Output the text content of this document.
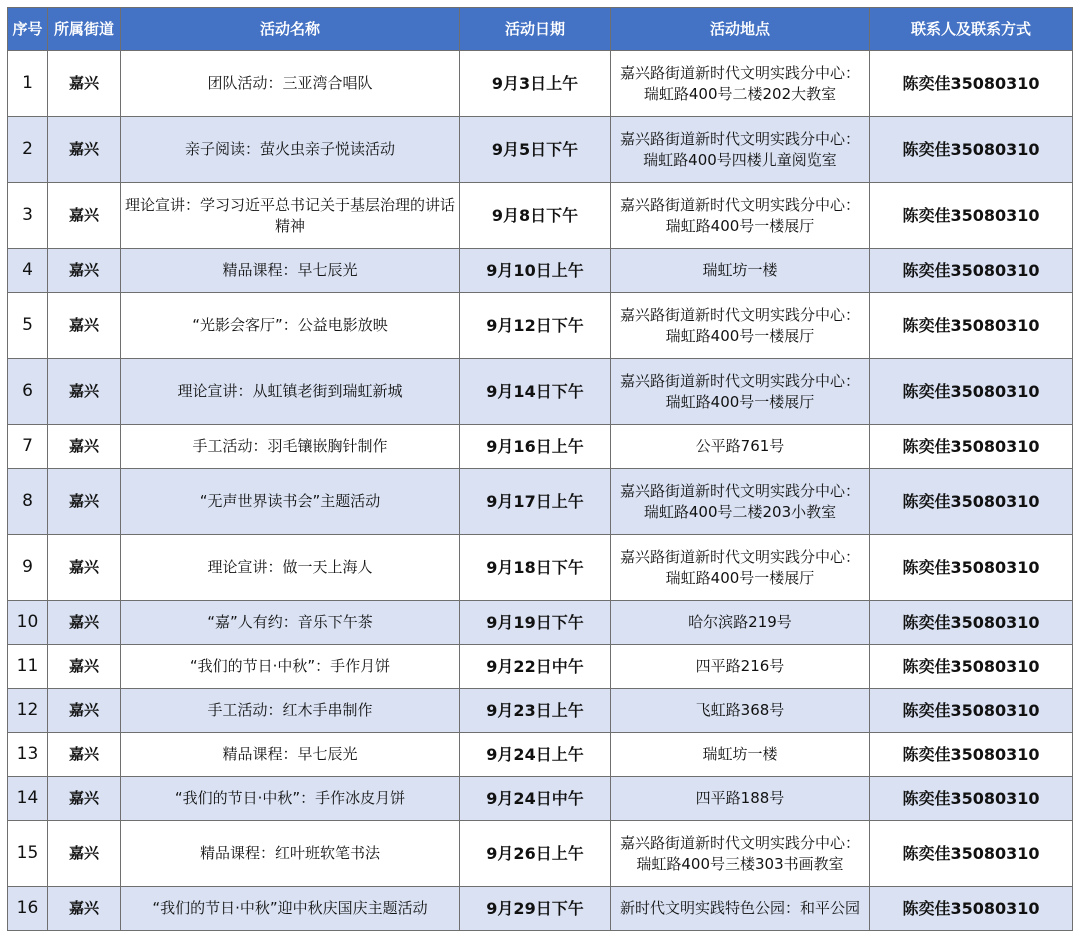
序号	所属街道	活动名称	活动日期	活动地点	联系人及联系方式
1	嘉兴	团队活动：三亚湾合唱队	9月3日上午	嘉兴路街道新时代文明实践分中心：
瑞虹路400号二楼202大教室	陈奕佳35080310
2	嘉兴	亲子阅读：萤火虫亲子悦读活动	9月5日下午	嘉兴路街道新时代文明实践分中心：
瑞虹路400号四楼儿童阅览室	陈奕佳35080310
3	嘉兴	理论宣讲：学习习近平总书记关于基层治理的讲话精神	9月8日下午	嘉兴路街道新时代文明实践分中心：
瑞虹路400号一楼展厅	陈奕佳35080310
4	嘉兴	精品课程：早七辰光	9月10日上午	瑞虹坊一楼	陈奕佳35080310
5	嘉兴	“光影会客厅”：公益电影放映	9月12日下午	嘉兴路街道新时代文明实践分中心：
瑞虹路400号一楼展厅	陈奕佳35080310
6	嘉兴	理论宣讲：从虹镇老街到瑞虹新城	9月14日下午	嘉兴路街道新时代文明实践分中心：
瑞虹路400号一楼展厅	陈奕佳35080310
7	嘉兴	手工活动：羽毛镶嵌胸针制作	9月16日上午	公平路761号	陈奕佳35080310
8	嘉兴	“无声世界读书会”主题活动	9月17日上午	嘉兴路街道新时代文明实践分中心：
瑞虹路400号二楼203小教室	陈奕佳35080310
9	嘉兴	理论宣讲：做一天上海人	9月18日下午	嘉兴路街道新时代文明实践分中心：
瑞虹路400号一楼展厅	陈奕佳35080310
10	嘉兴	“嘉”人有约：音乐下午茶	9月19日下午	哈尔滨路219号	陈奕佳35080310
11	嘉兴	“我们的节日·中秋”：手作月饼	9月22日中午	四平路216号	陈奕佳35080310
12	嘉兴	手工活动：红木手串制作	9月23日上午	飞虹路368号	陈奕佳35080310
13	嘉兴	精品课程：早七辰光	9月24日上午	瑞虹坊一楼	陈奕佳35080310
14	嘉兴	“我们的节日·中秋”：手作冰皮月饼	9月24日中午	四平路188号	陈奕佳35080310
15	嘉兴	精品课程：红叶班软笔书法	9月26日上午	嘉兴路街道新时代文明实践分中心：
瑞虹路400号三楼303书画教室	陈奕佳35080310
16	嘉兴	“我们的节日·中秋”迎中秋庆国庆主题活动	9月29日下午	新时代文明实践特色公园：和平公园	陈奕佳35080310
